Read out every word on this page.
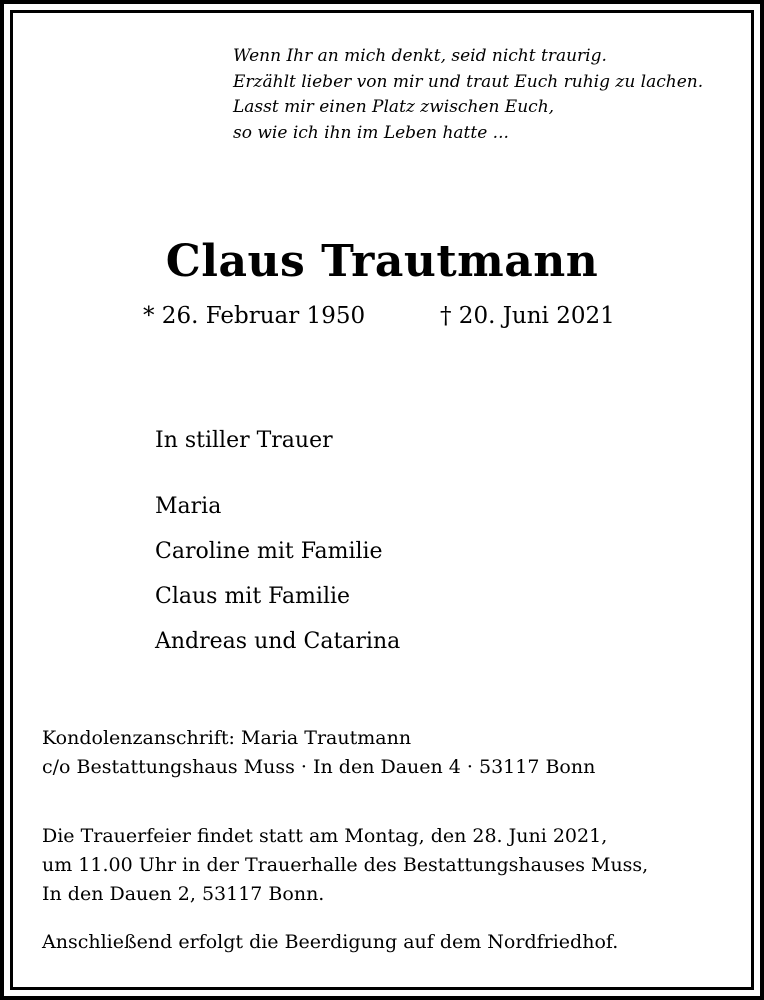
Wenn Ihr an mich denkt, seid nicht traurig.
Erzählt lieber von mir und traut Euch ruhig zu lachen.
Lasst mir einen Platz zwischen Euch,
so wie ich ihn im Leben hatte ...
Claus Trautmann
* 26. Februar 1950	† 20. Juni 2021
In stiller Trauer
Maria
Caroline mit Familie
Claus mit Familie
Andreas und Catarina
Kondolenzanschrift: Maria Trautmann
c/o Bestattungshaus Muss · In den Dauen 4 · 53117 Bonn
Die Trauerfeier findet statt am Montag, den 28. Juni 2021,
um 11.00 Uhr in der Trauerhalle des Bestattungshauses Muss,
In den Dauen 2, 53117 Bonn.
Anschließend erfolgt die Beerdigung auf dem Nordfriedhof.
